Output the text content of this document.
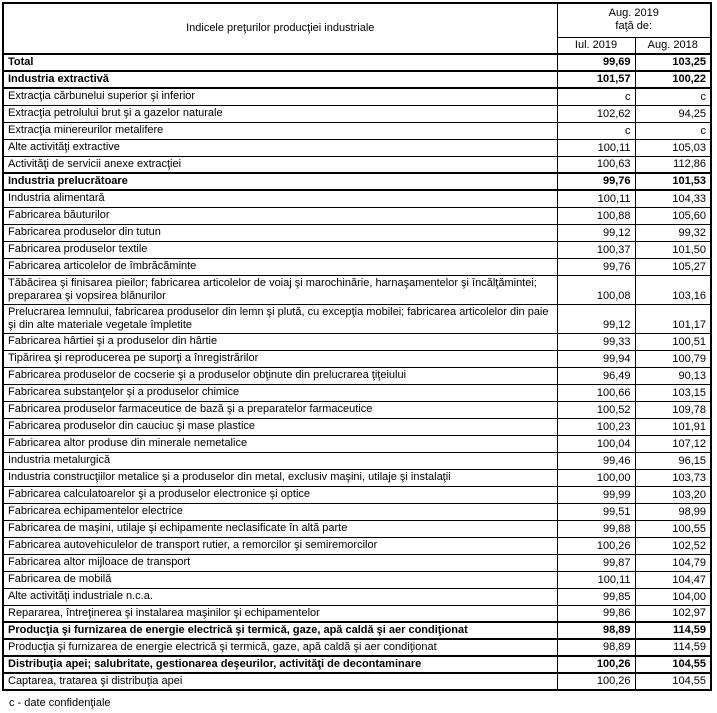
Indicele preţurilor producţiei industriale	Aug. 2019
faţă de:	

	Iul. 2019	Aug. 2018
Total	99,69	103,25
Industria extractivă	101,57	100,22
Extracţia cărbunelui superior şi inferior	c	c
Extracţia petrolului brut şi a gazelor naturale	102,62	94,25
Extracţia minereurilor metalifere	c	c
Alte activităţi extractive	100,11	105,03
Activităţi de servicii anexe extracţiei	100,63	112,86
Industria prelucrătoare	99,76	101,53
Industria alimentară	100,11	104,33
Fabricarea băuturilor	100,88	105,60
Fabricarea produselor din tutun	99,12	99,32
Fabricarea produselor textile	100,37	101,50
Fabricarea articolelor de îmbrăcăminte	99,76	105,27
Tăbăcirea şi finisarea pieilor; fabricarea articolelor de voiaj şi marochinărie, harnaşamentelor şi încălţămintei; prepararea şi vopsirea blănurilor	100,08	103,16
Prelucrarea lemnului, fabricarea produselor din lemn şi plută, cu excepţia mobilei; fabricarea articolelor din paie şi din alte materiale vegetale împletite	99,12	101,17
Fabricarea hârtiei şi a produselor din hârtie	99,33	100,51
Tipărirea şi reproducerea pe suporţi a înregistrărilor	99,94	100,79
Fabricarea produselor de cocserie şi a produselor obţinute din prelucrarea ţiţeiului	96,49	90,13
Fabricarea substanţelor şi a produselor chimice	100,66	103,15
Fabricarea produselor farmaceutice de bază şi a preparatelor farmaceutice	100,52	109,78
Fabricarea produselor din cauciuc şi mase plastice	100,23	101,91
Fabricarea altor produse din minerale nemetalice	100,04	107,12
Industria metalurgică	99,46	96,15
Industria construcţiilor metalice şi a produselor din metal, exclusiv maşini, utilaje şi instalaţii	100,00	103,73
Fabricarea calculatoarelor şi a produselor electronice şi optice	99,99	103,20
Fabricarea echipamentelor electrice	99,51	98,99
Fabricarea de maşini, utilaje şi echipamente neclasificate în altă parte	99,88	100,55
Fabricarea autovehiculelor de transport rutier, a remorcilor şi semiremorcilor	100,26	102,52
Fabricarea altor mijloace de transport	99,87	104,79
Fabricarea de mobilă	100,11	104,47
Alte activităţi industriale n.c.a.	99,85	104,00
Repararea, întreţinerea şi instalarea maşinilor şi echipamentelor	99,86	102,97
Producţia şi furnizarea de energie electrică şi termică, gaze, apă caldă şi aer condiţionat	98,89	114,59
Producţia şi furnizarea de energie electrică şi termică, gaze, apă caldă şi aer condiţionat	98,89	114,59
Distribuţia apei; salubritate, gestionarea deşeurilor, activităţi de decontaminare	100,26	104,55
Captarea, tratarea şi distribuţia apei	100,26	104,55
c - date confidenţiale
